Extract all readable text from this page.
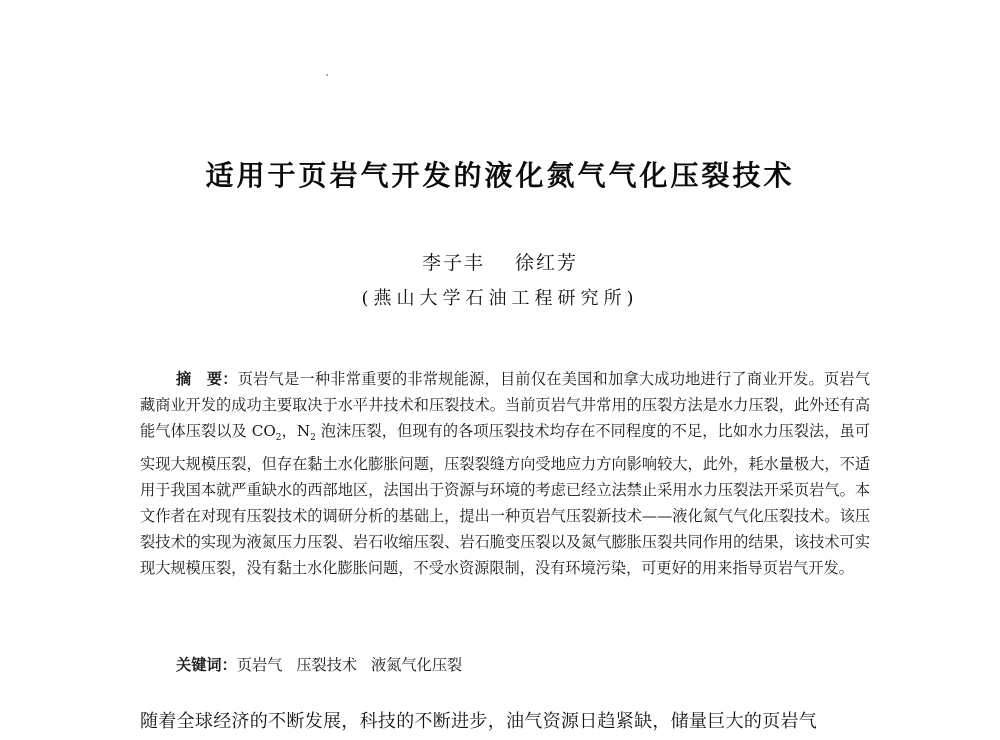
适用于页岩气开发的液化氮气气化压裂技术
李子丰 徐红芳
(燕山大学石油工程研究所)
摘　要：页岩气是一种非常重要的非常规能源，目前仅在美国和加拿大成功地进行了商业开发。页岩气藏商业开发的成功主要取决于水平井技术和压裂技术。当前页岩气井常用的压裂方法是水力压裂，此外还有高能气体压裂以及 $CO_2$，$N_2$ 泡沫压裂，但现有的各项压裂技术均存在不同程度的不足，比如水力压裂法，虽可实现大规模压裂，但存在黏土水化膨胀问题，压裂裂缝方向受地应力方向影响较大，此外，耗水量极大，不适用于我国本就严重缺水的西部地区，法国出于资源与环境的考虑已经立法禁止采用水力压裂法开采页岩气。本文作者在对现有压裂技术的调研分析的基础上，提出一种页岩气压裂新技术——液化氮气气化压裂技术。该压裂技术的实现为液氮压力压裂、岩石收缩压裂、岩石脆变压裂以及氮气膨胀压裂共同作用的结果，该技术可实现大规模压裂，没有黏土水化膨胀问题，不受水资源限制，没有环境污染，可更好的用来指导页岩气开发。
关键词：页岩气 压裂技术 液氮气化压裂
随着全球经济的不断发展，科技的不断进步，油气资源日趋紧缺，储量巨大的页岩气
